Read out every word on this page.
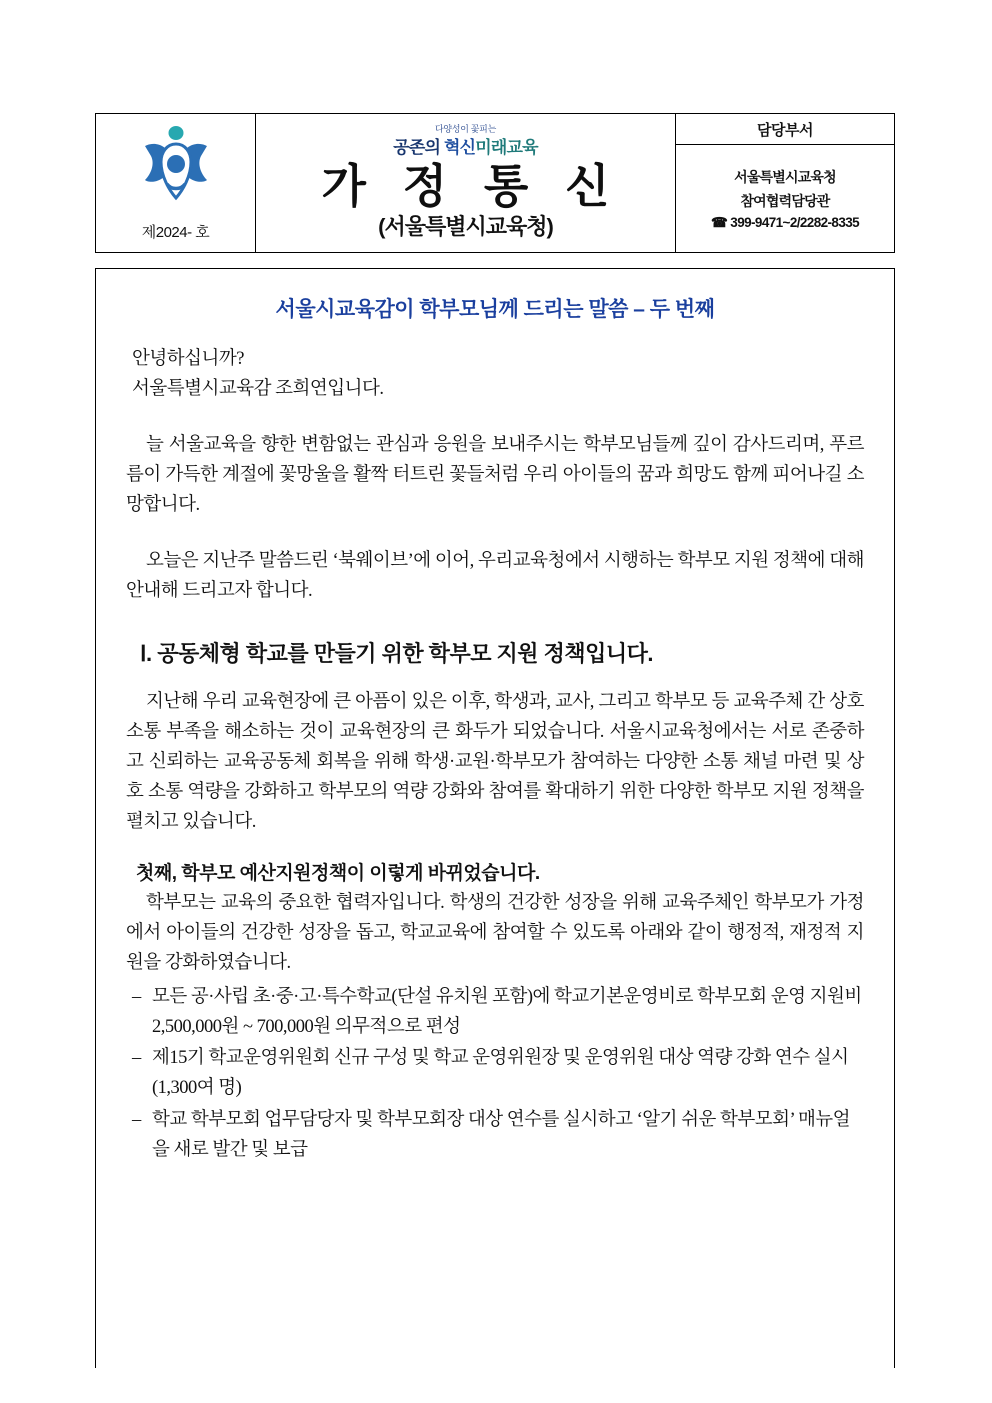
제2024- 호
다양성이 꽃피는
공존의 혁신미래교육
가 정 통 신
(서울특별시교육청)
담당부서
서울특별시교육청
참여협력담당관
☎ 399-9471~2/2282-8335
서울시교육감이 학부모님께 드리는 말씀 – 두 번째

안녕하십니까?

서울특별시교육감 조희연입니다.

늘 서울교육을 향한 변함없는 관심과 응원을 보내주시는 학부모님들께 깊이 감사드리며, 푸르름이 가득한 계절에 꽃망울을 활짝 터트린 꽃들처럼 우리 아이들의 꿈과 희망도 함께 피어나길 소망합니다.

오늘은 지난주 말씀드린 ‘북웨이브’에 이어, 우리교육청에서 시행하는 학부모 지원 정책에 대해 안내해 드리고자 합니다.

Ⅰ. 공동체형 학교를 만들기 위한 학부모 지원 정책입니다.

지난해 우리 교육현장에 큰 아픔이 있은 이후, 학생과, 교사, 그리고 학부모 등 교육주체 간 상호 소통 부족을 해소하는 것이 교육현장의 큰 화두가 되었습니다. 서울시교육청에서는 서로 존중하고 신뢰하는 교육공동체 회복을 위해 학생·교원·학부모가 참여하는 다양한 소통 채널 마련 및 상호 소통 역량을 강화하고 학부모의 역량 강화와 참여를 확대하기 위한 다양한 학부모 지원 정책을 펼치고 있습니다.

첫째, 학부모 예산지원정책이 이렇게 바뀌었습니다.

학부모는 교육의 중요한 협력자입니다. 학생의 건강한 성장을 위해 교육주체인 학부모가 가정에서 아이들의 건강한 성장을 돕고, 학교교육에 참여할 수 있도록 아래와 같이 행정적, 재정적 지원을 강화하였습니다.

– 모든 공·사립 초·중·고·특수학교(단설 유치원 포함)에 학교기본운영비로 학부모회 운영 지원비 2,500,000원 ~ 700,000원 의무적으로 편성
– 제15기 학교운영위원회 신규 구성 및 학교 운영위원장 및 운영위원 대상 역량 강화 연수 실시(1,300여 명)
– 학교 학부모회 업무담당자 및 학부모회장 대상 연수를 실시하고 ‘알기 쉬운 학부모회’ 매뉴얼을 새로 발간 및 보급
